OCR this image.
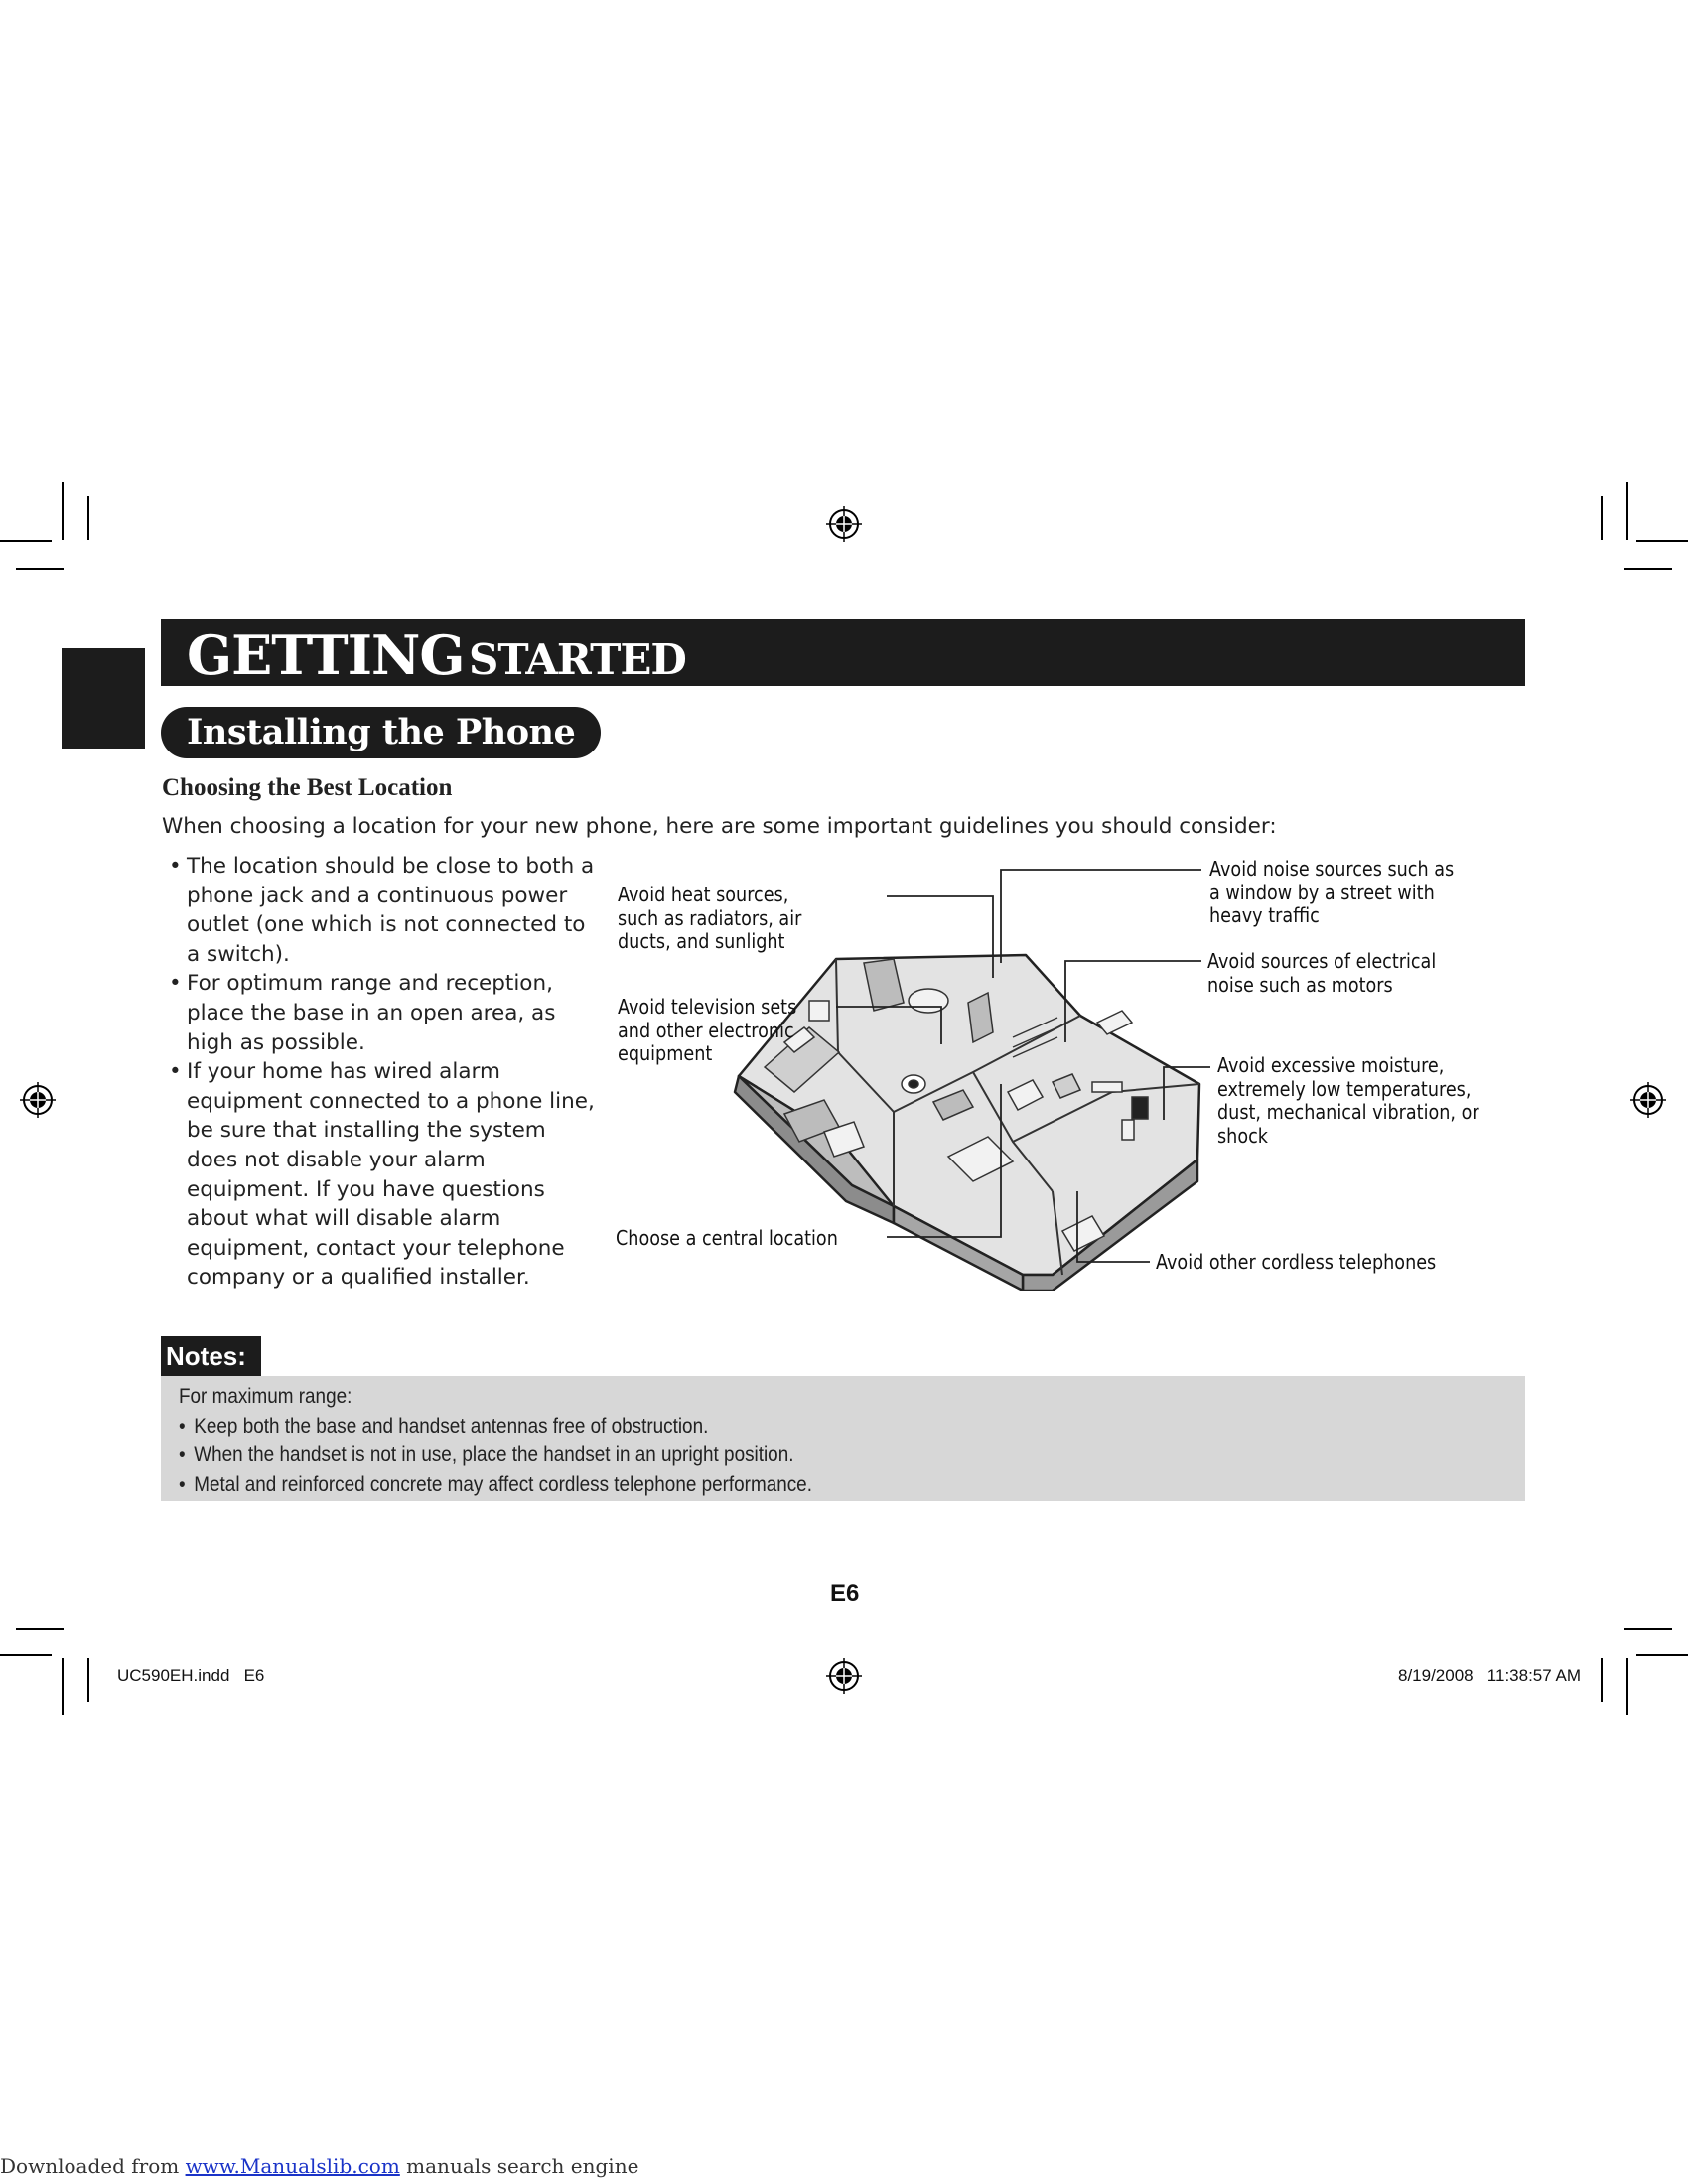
GETTING STARTED
Installing the Phone
Choosing the Best Location
When choosing a location for your new phone, here are some important guidelines you should consider:
• The location should be close to both a phone jack and a continuous power outlet (one which is not connected to a switch).
• For optimum range and reception, place the base in an open area, as high as possible.
• If your home has wired alarm equipment connected to a phone line, be sure that installing the system does not disable your alarm equipment. If you have questions about what will disable alarm equipment, contact your telephone company or a qualified installer.
Avoid heat sources, such as radiators, air ducts, and sunlight
Avoid television sets and other electronic equipment
Choose a central location
Avoid noise sources such as a window by a street with heavy traffic
Avoid sources of electrical noise such as motors
Avoid excessive moisture, extremely low temperatures, dust, mechanical vibration, or shock
Avoid other cordless telephones
Notes:
For maximum range:
• Keep both the base and handset antennas free of obstruction.
• When the handset is not in use, place the handset in an upright position.
• Metal and reinforced concrete may affect cordless telephone performance.
E6
UC590EH.indd   E6	8/19/2008   11:38:57 AM
Downloaded from www.Manualslib.com manuals search engine
